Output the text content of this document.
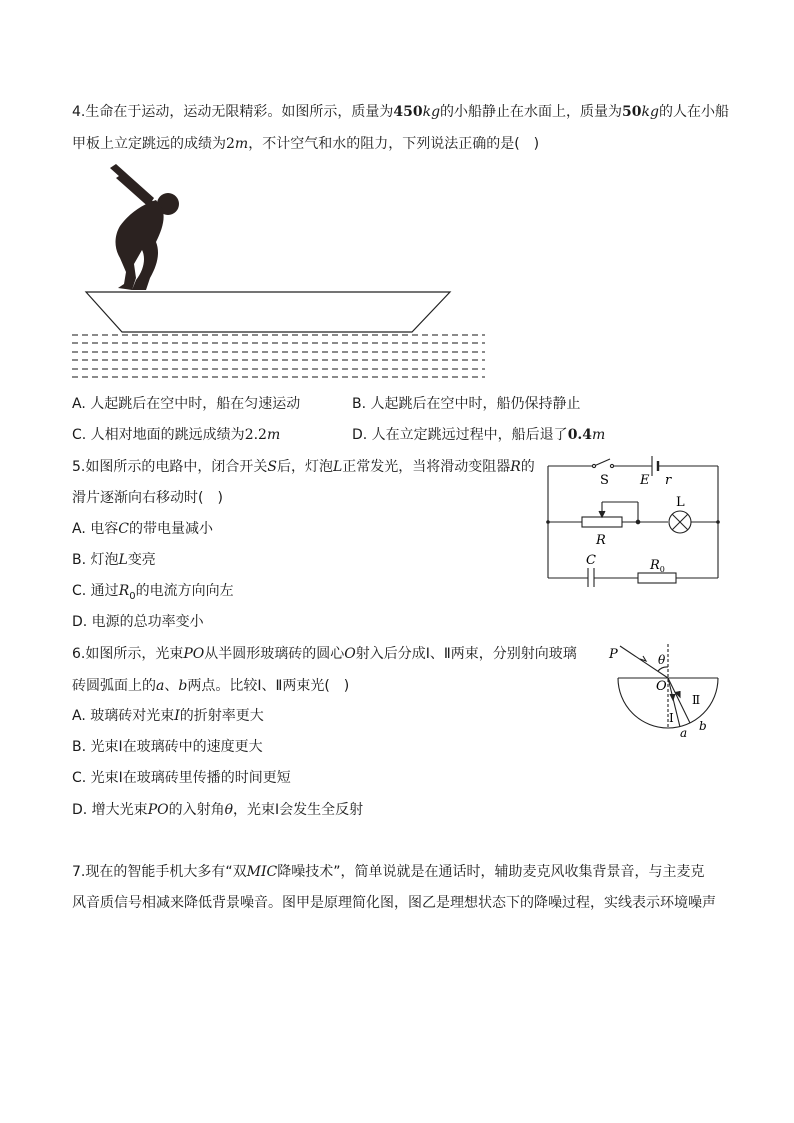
4.生命在于运动，运动无限精彩。如图所示，质量为450kg的小船静止在水面上，质量为50kg的人在小船
甲板上立定跳远的成绩为2m，不计空气和水的阻力，下列说法正确的是(　)
A. 人起跳后在空中时，船在匀速运动	B. 人起跳后在空中时，船仍保持静止
C. 人相对地面的跳远成绩为2.2m	D. 人在立定跳远过程中，船后退了0.4m
5.如图所示的电路中，闭合开关S后，灯泡L正常发光，当将滑动变阻器R的
滑片逐渐向右移动时(　)
A. 电容C的带电量减小
B. 灯泡L变亮
C. 通过$R_0$的电流方向向左
D. 电源的总功率变小
S E r
L
R
C	$R_0$
6.如图所示，光束PO从半圆形玻璃砖的圆心O射入后分成Ⅰ、Ⅱ两束，分别射向玻璃
砖圆弧面上的a、b两点。比较Ⅰ、Ⅱ两束光(　)
A. 玻璃砖对光束I的折射率更大
B. 光束Ⅰ在玻璃砖中的速度更大
C. 光束Ⅰ在玻璃砖里传播的时间更短
D. 增大光束PO的入射角θ，光束Ⅰ会发生全反射
P	θ
O
Ⅰ
Ⅱ
a b
7.现在的智能手机大多有“双MIC降噪技术”，简单说就是在通话时，辅助麦克风收集背景音，与主麦克
风音质信号相减来降低背景噪音。图甲是原理简化图，图乙是理想状态下的降噪过程，实线表示环境噪声
